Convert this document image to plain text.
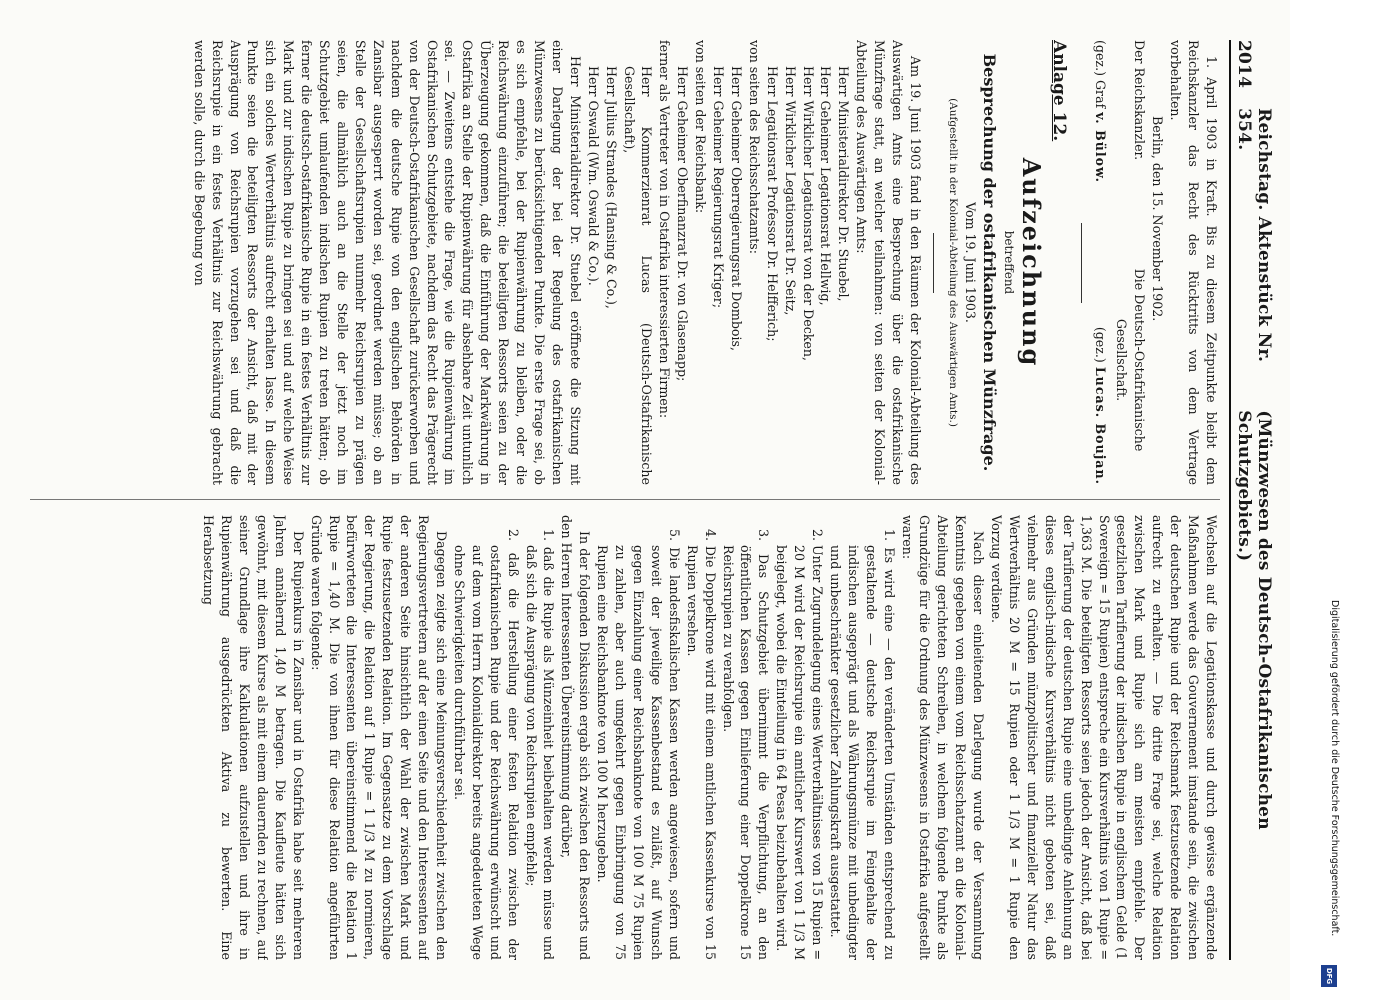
2014
Reichstag. Aktenstück Nr. 354.
(Münzwesen des Deutsch-Ostafrikanischen Schutzgebiets.)

1. April 1903 in Kraft. Bis zu diesem Zeitpunkte bleibt dem Reichskanzler das Recht des Rücktritts von dem Vertrage vorbehalten.

Berlin, den 15. November 1902.

Der Reichskanzler.
Die Deutsch-Ostafrikanische Gesellschaft.
(gez.) Graf v. Bülow.
(gez.) Lucas. Boujan.

Anlage 12.

Aufzeichnung

betreffend

Besprechung der ostafrikanischen Münzfrage.

Vom 19. Juni 1903.

(Aufgestellt in der Kolonial-Abteilung des Auswärtigen Amts.)

Am 19. Juni 1903 fand in den Räumen der Kolonial-Abteilung des Auswärtigen Amts eine Besprechung über die ostafrikanische Münzfrage statt, an welcher teilnahmen: von seiten der Kolonial-Abteilung des Auswärtigen Amts:

Herr Ministerialdirektor Dr. Stuebel,

Herr Geheimer Legationsrat Hellwig,

Herr Wirklicher Legationsrat von der Decken,

Herr Wirklicher Legationsrat Dr. Seitz,

Herr Legationsrat Professor Dr. Helfferich;

von seiten des Reichsschatzamts:

Herr Geheimer Oberregierungsrat Dombois,

Herr Geheimer Regierungsrat Kriger;

von seiten der Reichsbank:

Herr Geheimer Oberfinanzrat Dr. von Glasenapp;

ferner als Vertreter von in Ostafrika interessierten Firmen:

Herr Kommerzienrat Lucas (Deutsch-Ostafrikanische Gesellschaft),

Herr Julius Strandes (Hansing & Co.),

Herr Oswald (Wm. Oswald & Co.).

Herr Ministerialdirektor Dr. Stuebel eröffnete die Sitzung mit einer Darlegung der bei der Regelung des ostafrikanischen Münzwesens zu berücksichtigenden Punkte. Die erste Frage sei, ob es sich empfehle, bei der Rupienwährung zu bleiben, oder die Reichswährung einzuführen; die beteiligten Ressorts seien zu der Überzeugung gekommen, daß die Einführung der Markwährung in Ostafrika an Stelle der Rupienwährung für absehbare Zeit untunlich sei. — Zweitens entstehe die Frage, wie die Rupienwährung im Ostafrikanischen Schutzgebiete, nachdem das Recht das Prägerecht von der Deutsch-Ostafrikanischen Gesellschaft zurückerworben und nachdem die deutsche Rupie von den englischen Behörden in Zansibar ausgesperrt worden sei, geordnet werden müsse; ob an Stelle der Gesellschaftsrupien nunmehr Reichsrupien zu prägen seien, die allmählich auch an die Stelle der jetzt noch im Schutzgebiet umlaufenden indischen Rupien zu treten hätten; ob ferner die deutsch-ostafrikanische Rupie in ein festes Verhältnis zur Mark und zur indischen Rupie zu bringen sei und auf welche Weise sich ein solches Wertverhältnis aufrecht erhalten lasse. In diesem Punkte seien die beteiligten Ressorts der Ansicht, daß mit der Ausprägung von Reichsrupien vorzugehen sei und daß die Reichsrupie in ein festes Verhältnis zur Reichswährung gebracht werden solle, durch die Begebung von

Wechseln auf die Legationskasse und durch gewisse ergänzende Maßnahmen werde das Gouvernement imstande sein, die zwischen der deutschen Rupie und der Reichsmark festzusetzende Relation aufrecht zu erhalten. — Die dritte Frage sei, welche Relation zwischen Mark und Rupie sich am meisten empfehle. Der gesetzlichen Tarifierung der indischen Rupie in englischem Gelde (1 Sovereign = 15 Rupien) entspreche ein Kursverhältnis von 1 Rupie = 1,363 M. Die beteiligten Ressorts seien jedoch der Ansicht, daß bei der Tarifierung der deutschen Rupie eine unbedingte Anlehnung an dieses englisch-indische Kursverhältnis nicht geboten sei, daß vielmehr aus Gründen münzpolitischer und finanzieller Natur das Wertverhältnis 20 M = 15 Rupien oder 1 1/3 M = 1 Rupie den Vorzug verdiene.

Nach dieser einleitenden Darlegung wurde der Versammlung Kenntnis gegeben von einem vom Reichsschatzamt an die Kolonial-Abteilung gerichteten Schreiben, in welchem folgende Punkte als Grundzüge für die Ordnung des Münzwesens in Ostafrika aufgestellt waren:

1. Es wird eine — den veränderten Umständen entsprechend zu gestaltende — deutsche Reichsrupie im Feingehalte der indischen ausgeprägt und als Währungsmünze mit unbedingter und unbeschränkter gesetzlicher Zahlungskraft ausgestattet.

2. Unter Zugrundelegung eines Wertverhältnisses von 15 Rupien = 20 M wird der Reichsrupie ein amtlicher Kurswert von 1 1/3 M beigelegt, wobei die Einteilung in 64 Pesas beizubehalten wird.

3. Das Schutzgebiet übernimmt die Verpflichtung, an den öffentlichen Kassen gegen Einlieferung einer Doppelkrone 15 Reichsrupien zu verabfolgen.

4. Die Doppelkrone wird mit einem amtlichen Kassenkurse von 15 Rupien versehen.

5. Die landesfiskalischen Kassen werden angewiesen, sofern und soweit der jeweilige Kassenbestand es zuläßt, auf Wunsch gegen Einzahlung einer Reichsbanknote von 100 M 75 Rupien zu zahlen, aber auch umgekehrt gegen Einbringung von 75 Rupien eine Reichsbanknote von 100 M herzugeben.

In der folgenden Diskussion ergab sich zwischen den Ressorts und den Herren Interessenten Übereinstimmung darüber,

1. daß die Rupie als Münzeinheit beibehalten werden müsse und daß sich die Ausprägung von Reichsrupien empfehle;

2. daß die Herstellung einer festen Relation zwischen der ostafrikanischen Rupie und der Reichswährung erwünscht und auf dem vom Herrn Kolonialdirektor bereits angedeuteten Wege ohne Schwierigkeiten durchführbar sei.

Dagegen zeigte sich eine Meinungsverschiedenheit zwischen den Regierungsvertretern auf der einen Seite und den Interessenten auf der anderen Seite hinsichtlich der Wahl der zwischen Mark und Rupie festzusetzenden Relation. Im Gegensatze zu dem Vorschlage der Regierung, die Relation auf 1 Rupie = 1 1/3 M zu normieren, befürworteten die Interessenten übereinstimmend die Relation 1 Rupie = 1,40 M. Die von ihnen für diese Relation angeführten Gründe waren folgende:

Der Rupienkurs in Zansibar und in Ostafrika habe seit mehreren Jahren annähernd 1,40 M betragen. Die Kaufleute hätten sich gewöhnt, mit diesem Kurse als mit einem dauernden zu rechnen, auf seiner Grundlage ihre Kalkulationen aufzustellen und ihre in Rupienwährung ausgedrückten Aktiva zu bewerten. Eine Herabsetzung

Digitalisierung gefördert durch die Deutsche Forschungsgemeinschaft.
DFG
